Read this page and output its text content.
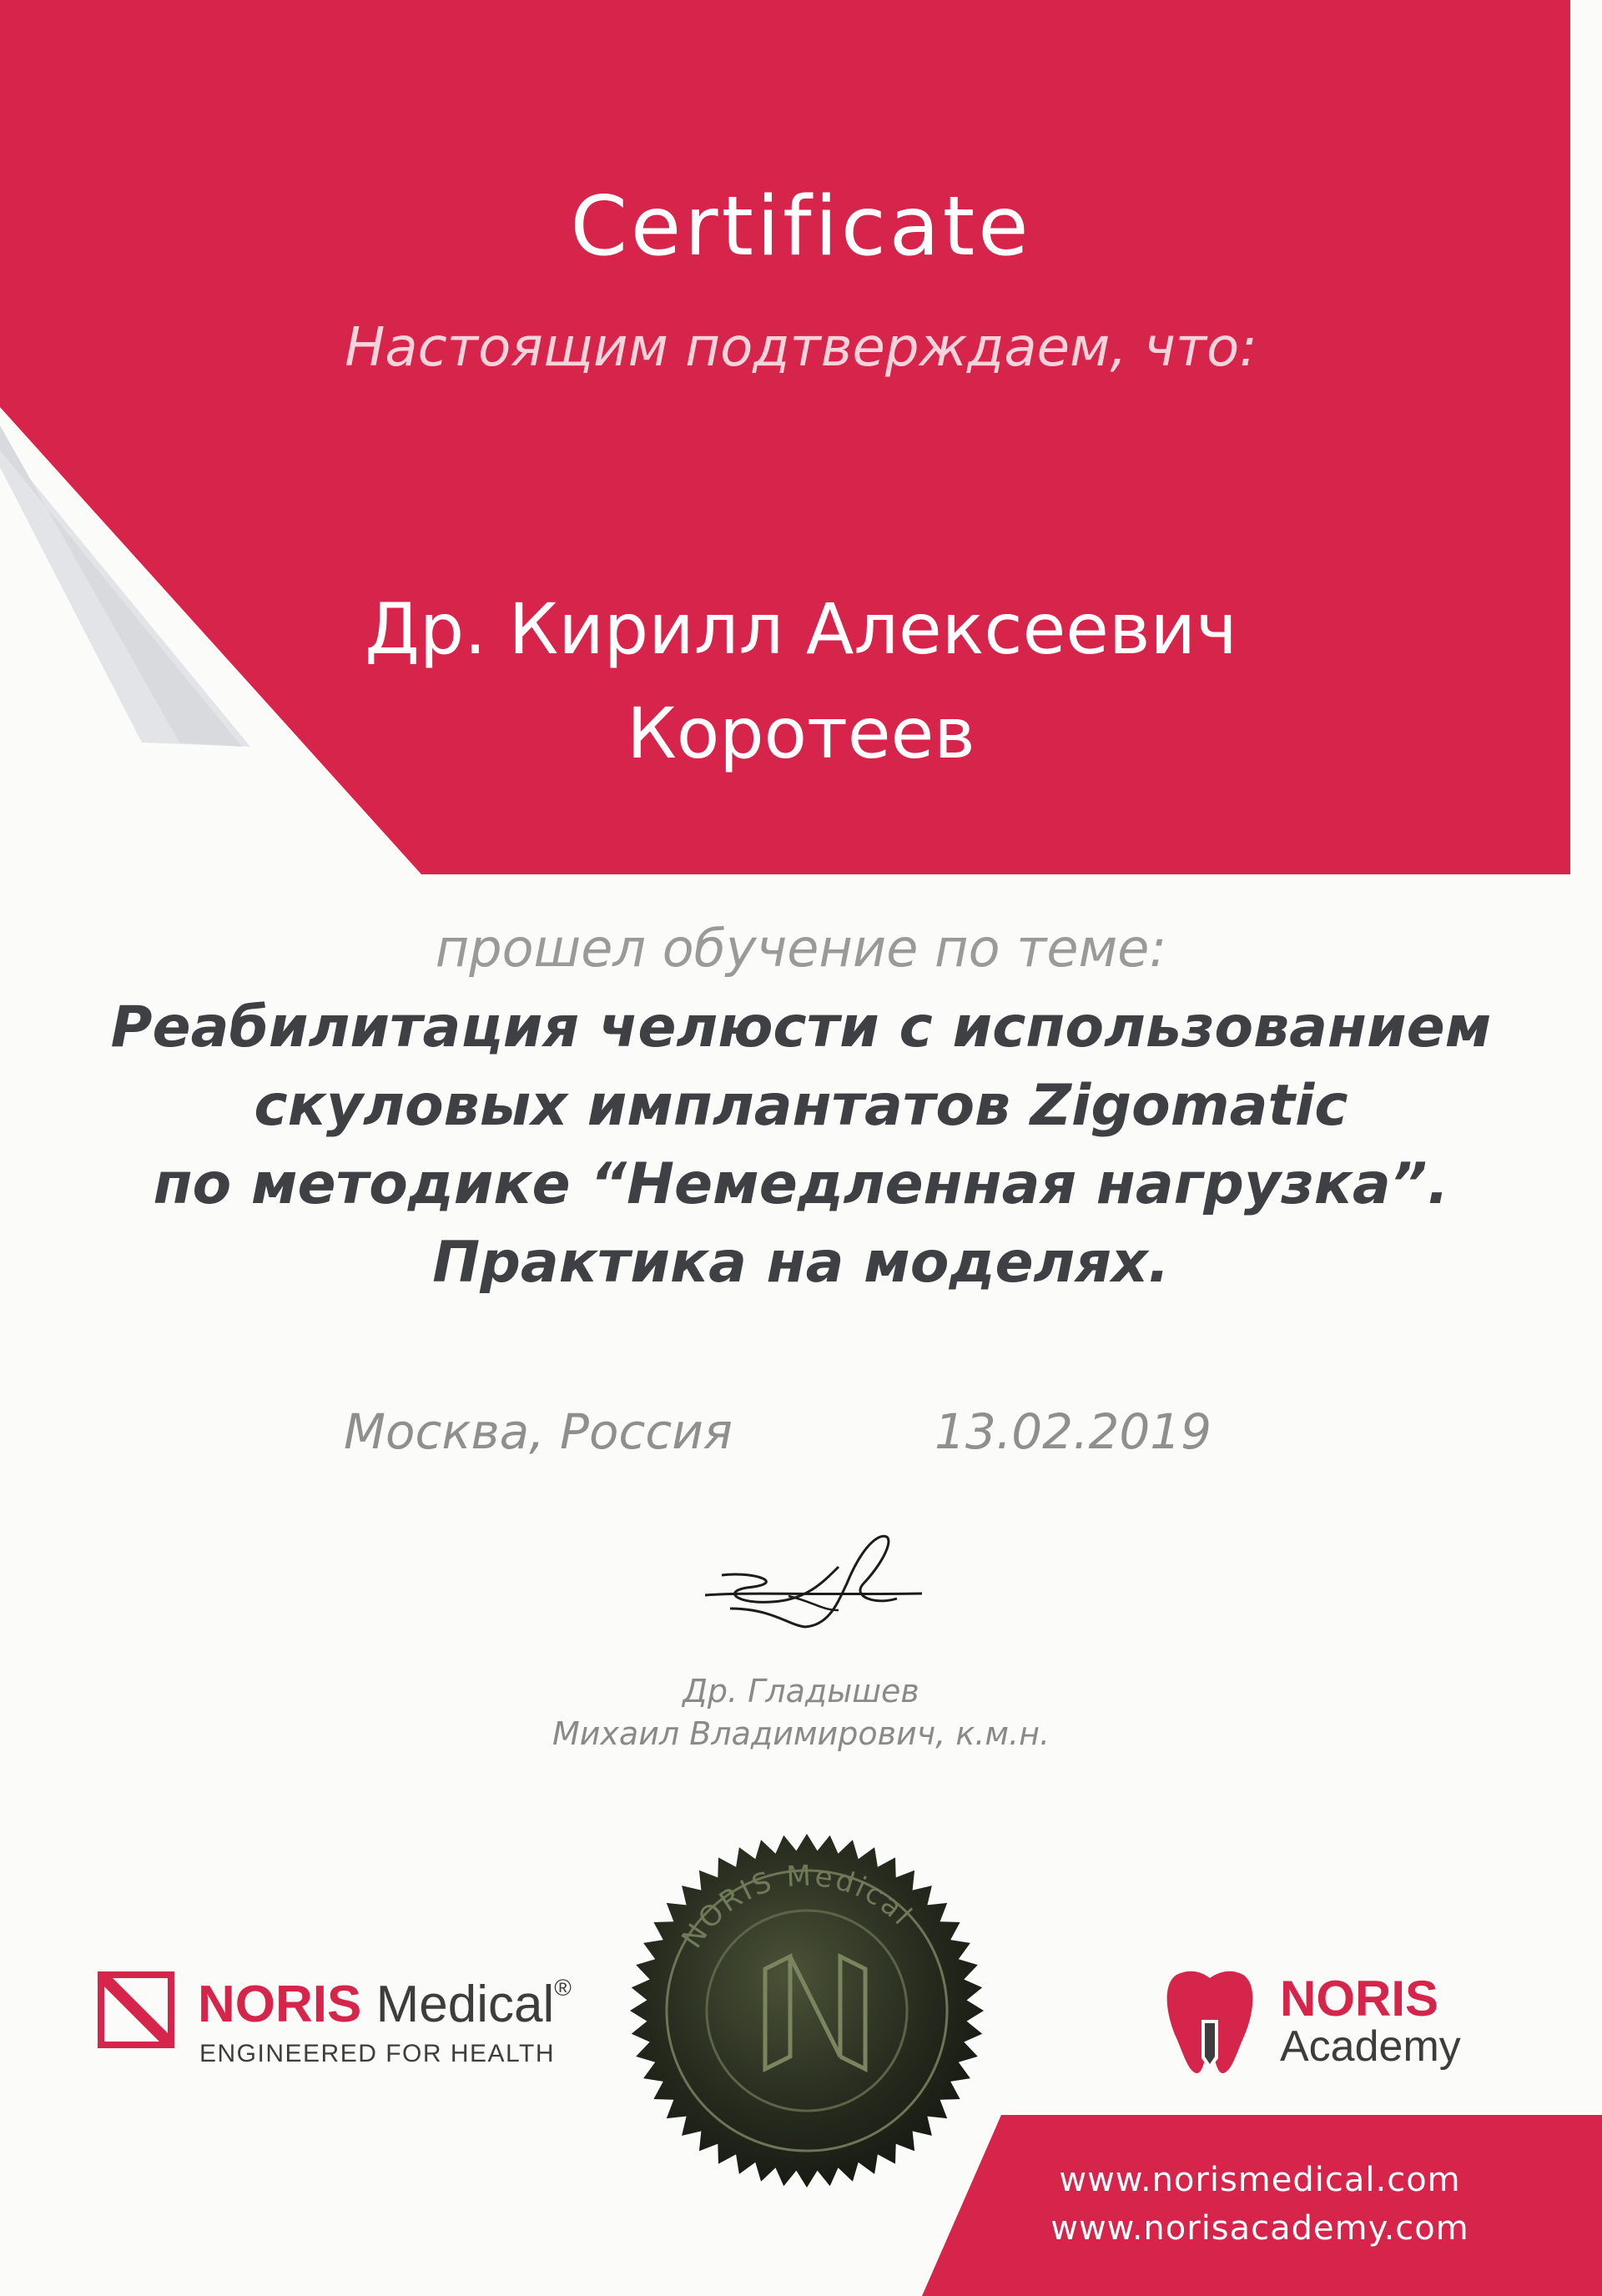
Certificate
Настоящим подтверждаем, что:
Др. Кирилл Алексеевич
Коротеев
прошел обучение по теме:
Реабилитация челюсти с использованием
скуловых имплантатов Zigomatic
по методике “Немедленная нагрузка”.
Практика на моделях.
Москва, Россия	13.02.2019
Др. Гладышев
Михаил Владимирович, к.м.н.
NORIS Medical
NORIS Medical®
ENGINEERED FOR HEALTH
NORIS
Academy
www.norismedical.com
www.norisacademy.com
